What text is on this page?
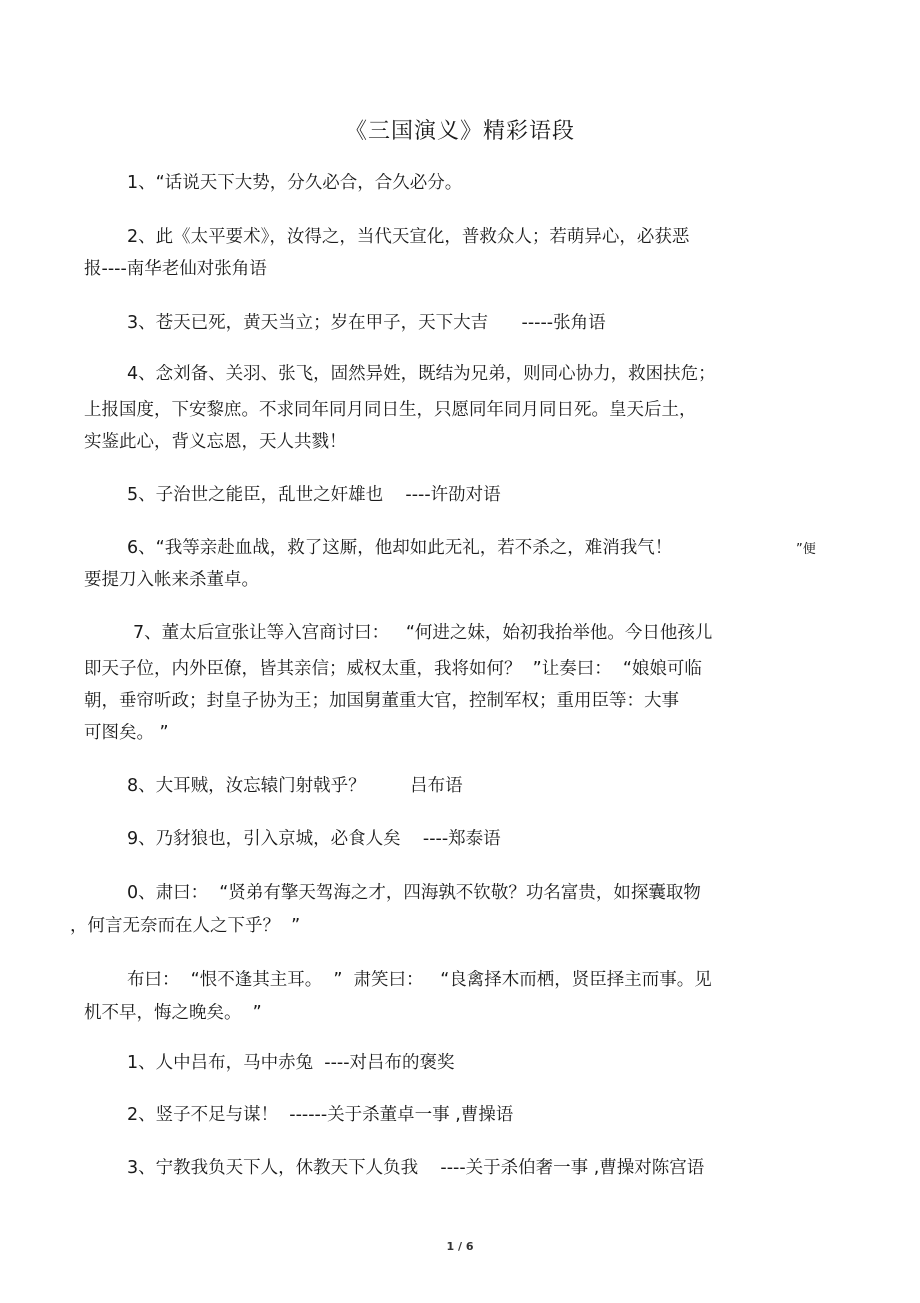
《三国演义》精彩语段
1、“话说天下大势，分久必合，合久必分。
2、此《太平要术》，汝得之，当代天宣化，普救众人；若萌异心，必获恶
报----南华老仙对张角语
3、苍天已死，黄天当立；岁在甲子，天下大吉      -----张角语
4、念刘备、关羽、张飞，固然异姓，既结为兄弟，则同心协力，救困扶危；
上报国度，下安黎庶。不求同年同月同日生，只愿同年同月同日死。皇天后土，
实鉴此心，背义忘恩，天人共戮！
5、子治世之能臣，乱世之奸雄也    ----许劭对语
6、“我等亲赴血战，救了这厮，他却如此无礼，若不杀之，难消我气！	”便
要提刀入帐来杀董卓。
7、董太后宣张让等入宫商讨曰：   “何进之妹，始初我抬举他。今日他孩儿
即天子位，内外臣僚，皆其亲信；威权太重，我将如何？  ”让奏曰：  “娘娘可临
朝，垂帘听政；封皇子协为王；加国舅董重大官，控制军权；重用臣等：大事
可图矣。 ”
8、大耳贼，汝忘辕门射戟乎？        吕布语
9、乃豺狼也，引入京城，必食人矣    ----郑泰语
0、肃曰：  “贤弟有擎天驾海之才，四海孰不钦敬？功名富贵，如探囊取物
，何言无奈而在人之下乎？  ”
布曰：  “恨不逢其主耳。  ”  肃笑曰：   “良禽择木而栖，贤臣择主而事。见
机不早，悔之晚矣。  ”
1、人中吕布，马中赤兔  ----对吕布的褒奖
2、竖子不足与谋！  ------关于杀董卓一事 ,曹操语
3、宁教我负天下人，休教天下人负我    ----关于杀伯奢一事 ,曹操对陈宫语
1 / 6
